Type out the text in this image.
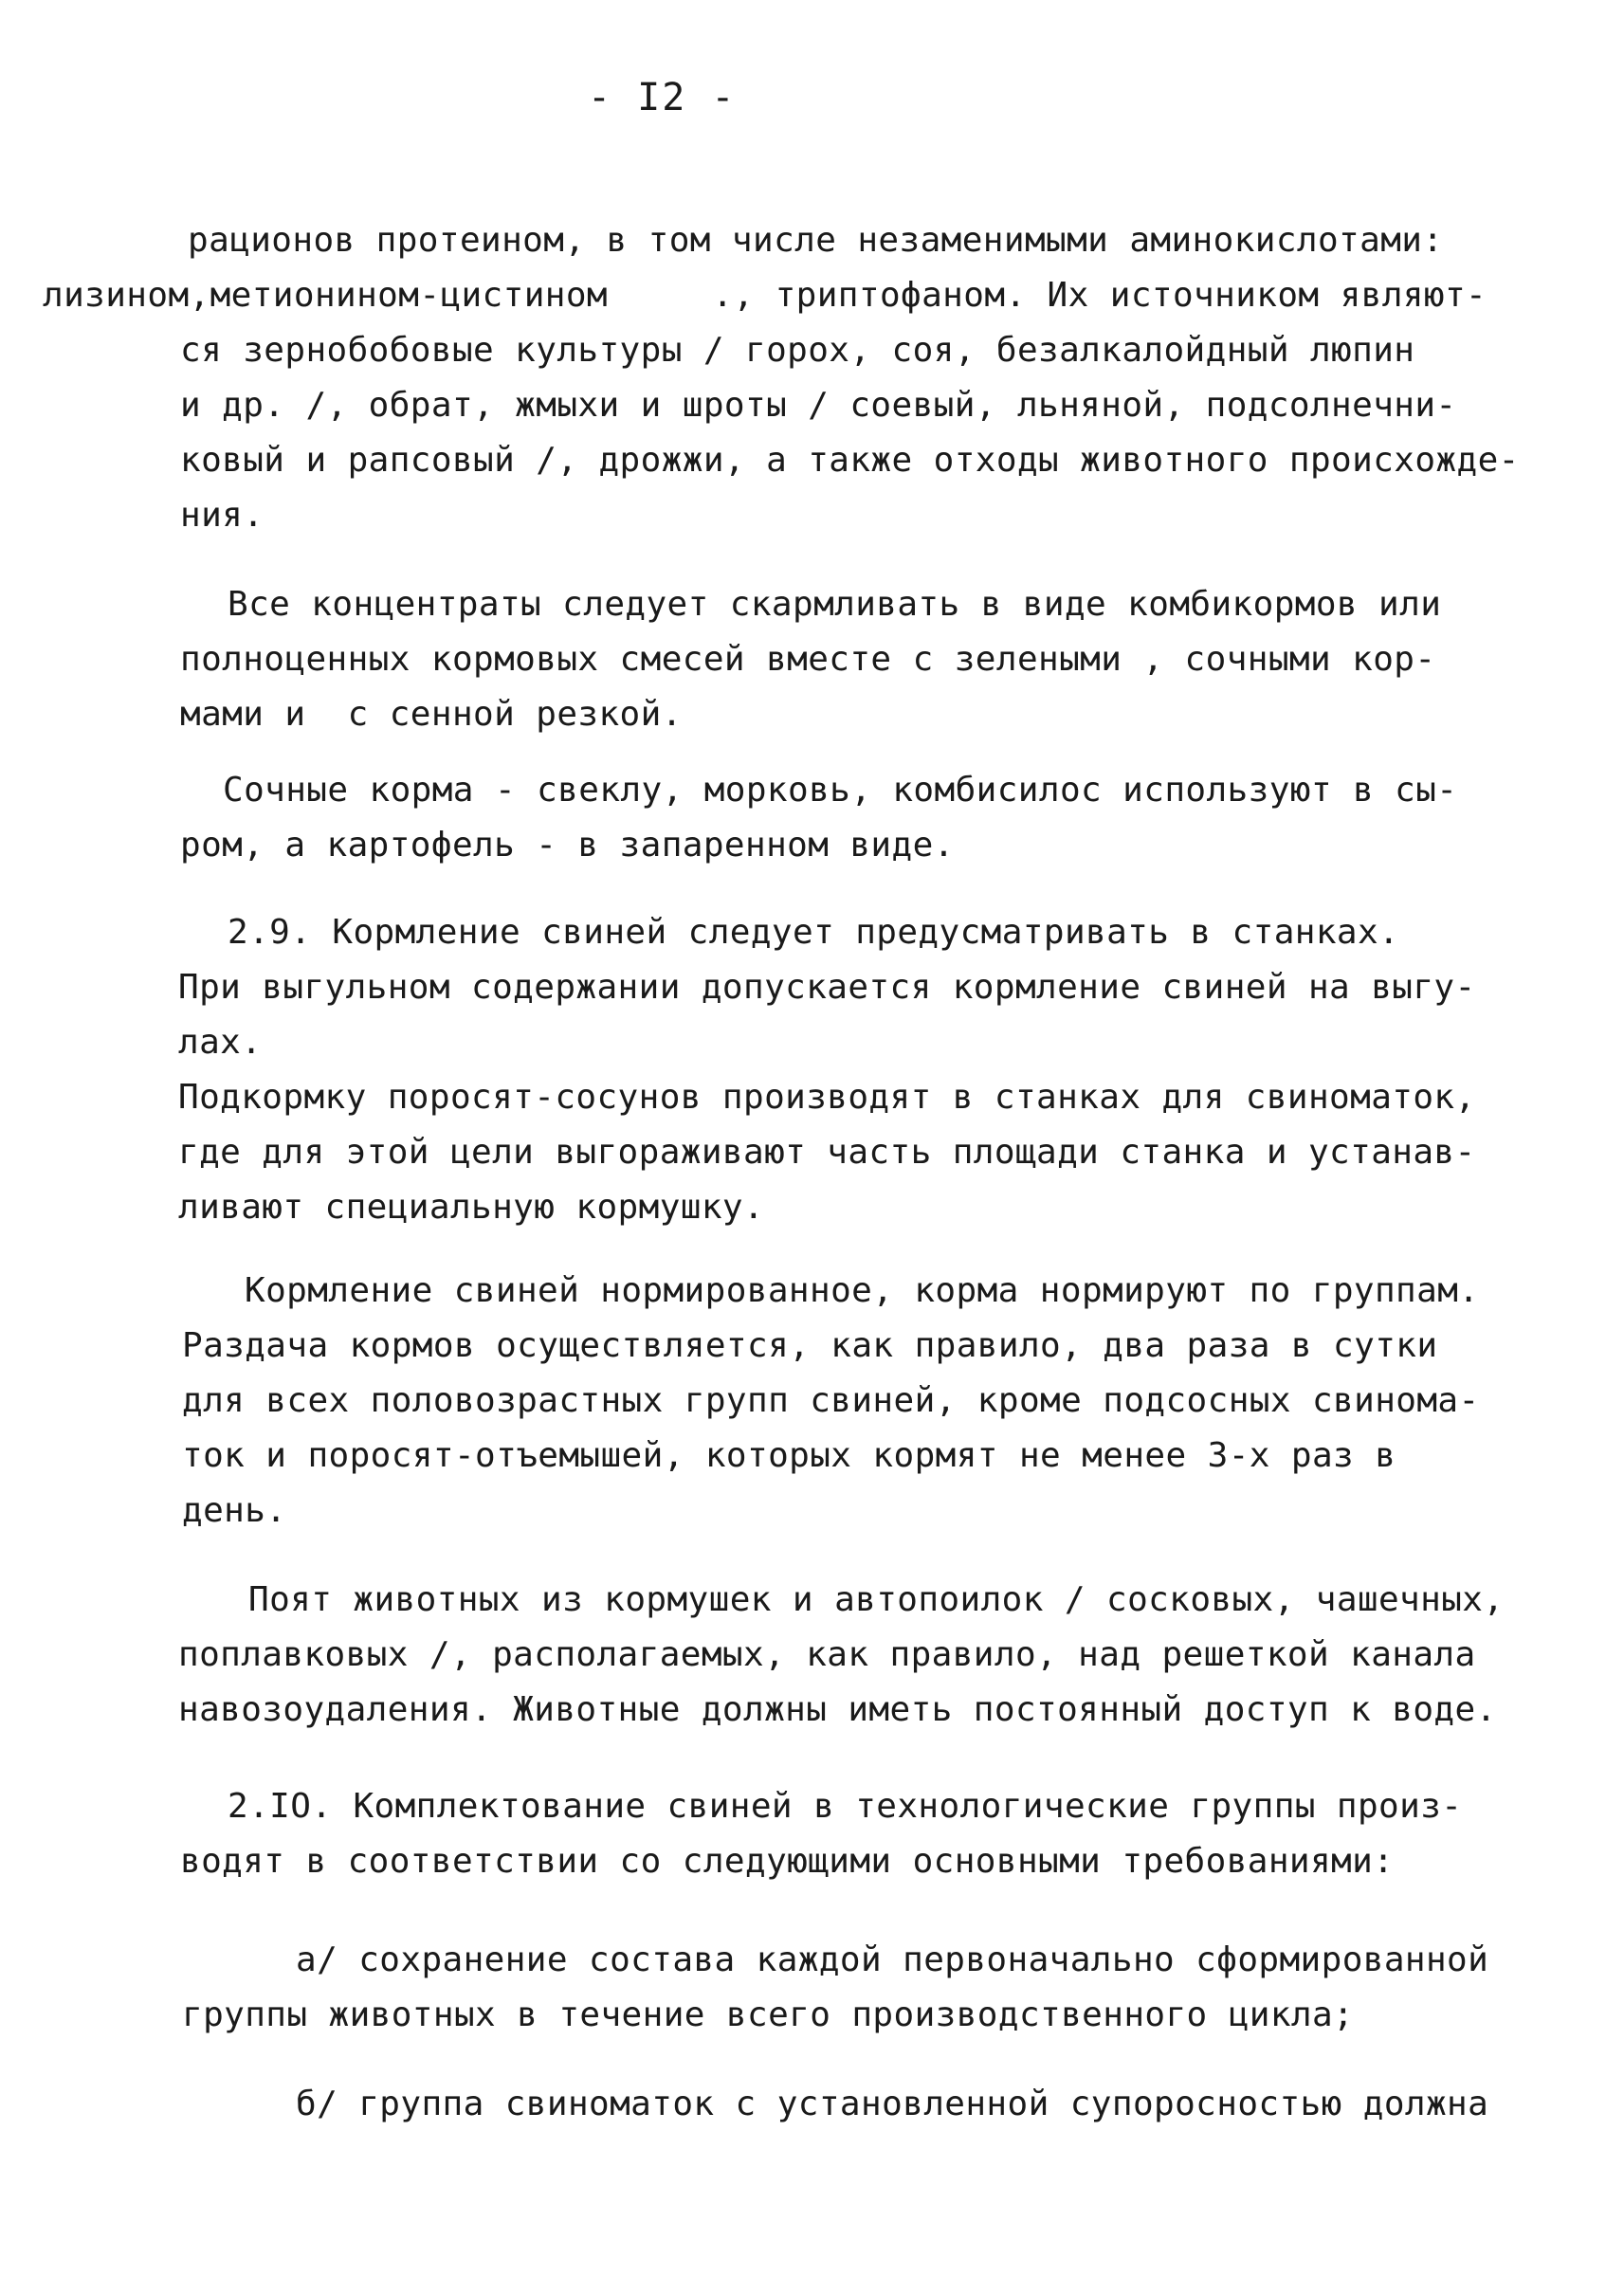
- I2 -
рационов протеином, в том числе незаменимыми аминокислотами:
лизином,метионином-цистином     ., триптофаном. Их источником являют-
ся зернобобовые культуры / горох, соя, безалкалойдный люпин
и др. /, обрат, жмыхи и шроты / соевый, льняной, подсолнечни-
ковый и рапсовый /, дрожжи, а также отходы животного происхожде-
ния.
Все концентраты следует скармливать в виде комбикормов или
полноценных кормовых смесей вместе с зелеными , сочными кор-
мами и  с сенной резкой.
Сочные корма - свеклу, морковь, комбисилос используют в сы-
ром, а картофель - в запаренном виде.
2.9. Кормление свиней следует предусматривать в станках.
При выгульном содержании допускается кормление свиней на выгу-
лах.
Подкормку поросят-сосунов производят в станках для свиноматок,
где для этой цели выгораживают часть площади станка и устанав-
ливают специальную кормушку.
Кормление свиней нормированное, корма нормируют по группам.
Раздача кормов осуществляется, как правило, два раза в сутки
для всех половозрастных групп свиней, кроме подсосных свинома-
ток и поросят-отъемышей, которых кормят не менее 3-х раз в
день.
Поят животных из кормушек и автопоилок / сосковых, чашечных,
поплавковых /, располагаемых, как правило, над решеткой канала
навозоудаления. Животные должны иметь постоянный доступ к воде.
2.IO. Комплектование свиней в технологические группы произ-
водят в соответствии со следующими основными требованиями:
а/ сохранение состава каждой первоначально сформированной
группы животных в течение всего производственного цикла;
б/ группа свиноматок с установленной супоросностью должна
